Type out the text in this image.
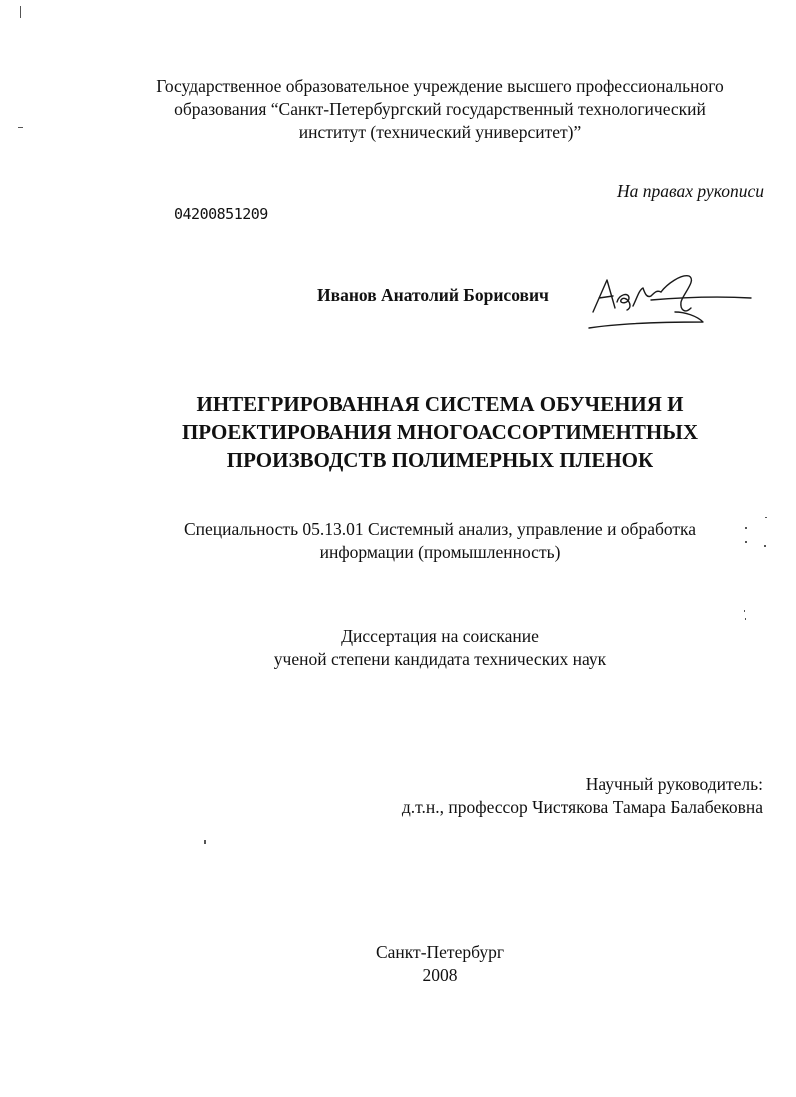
Государственное образовательное учреждение высшего профессионального
образования “Санкт-Петербургский государственный технологический
институт (технический университет)”
На правах рукописи
04200851209
Иванов Анатолий Борисович
ИНТЕГРИРОВАННАЯ СИСТЕМА ОБУЧЕНИЯ И
ПРОЕКТИРОВАНИЯ МНОГОАССОРТИМЕНТНЫХ
ПРОИЗВОДСТВ ПОЛИМЕРНЫХ ПЛЕНОК
Специальность 05.13.01 Системный анализ, управление и обработка
информации (промышленность)
Диссертация на соискание
ученой степени кандидата технических наук
Научный руководитель:
д.т.н., профессор Чистякова Тамара Балабековна
Санкт-Петербург
2008
